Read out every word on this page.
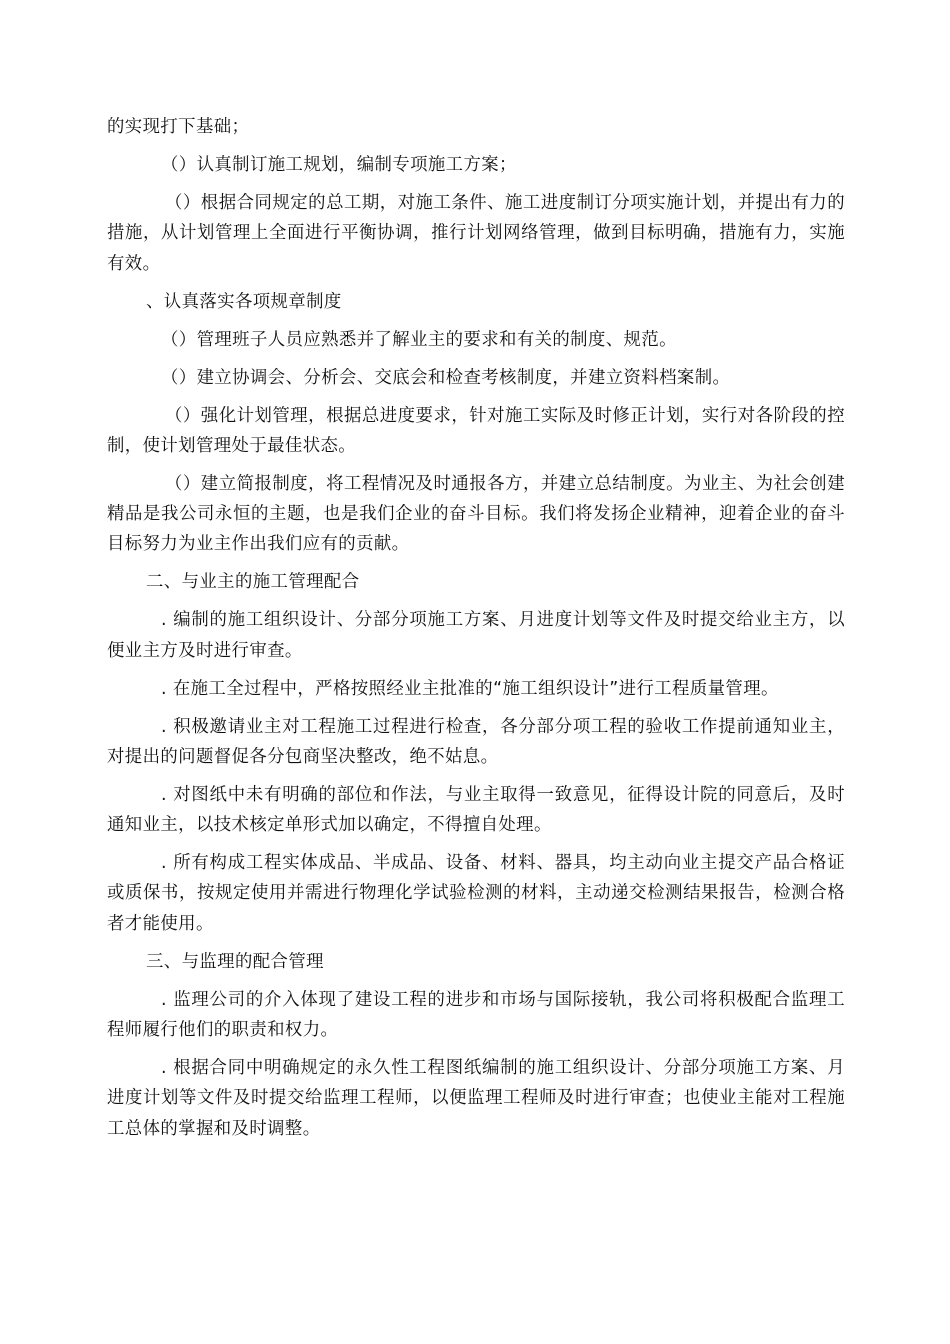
的实现打下基础；

（）认真制订施工规划，编制专项施工方案；

（）根据合同规定的总工期，对施工条件、施工进度制订分项实施计划，并提出有力的措施，从计划管理上全面进行平衡协调，推行计划网络管理，做到目标明确，措施有力，实施有效。

、认真落实各项规章制度

（）管理班子人员应熟悉并了解业主的要求和有关的制度、规范。

（）建立协调会、分析会、交底会和检查考核制度，并建立资料档案制。

（）强化计划管理，根据总进度要求，针对施工实际及时修正计划，实行对各阶段的控制，使计划管理处于最佳状态。

（）建立简报制度，将工程情况及时通报各方，并建立总结制度。为业主、为社会创建精品是我公司永恒的主题，也是我们企业的奋斗目标。我们将发扬企业精神，迎着企业的奋斗目标努力为业主作出我们应有的贡献。

二、与业主的施工管理配合

. 编制的施工组织设计、分部分项施工方案、月进度计划等文件及时提交给业主方，以便业主方及时进行审查。

. 在施工全过程中，严格按照经业主批准的“施工组织设计”进行工程质量管理。

. 积极邀请业主对工程施工过程进行检查，各分部分项工程的验收工作提前通知业主，对提出的问题督促各分包商坚决整改，绝不姑息。

. 对图纸中未有明确的部位和作法，与业主取得一致意见，征得设计院的同意后，及时通知业主，以技术核定单形式加以确定，不得擅自处理。

. 所有构成工程实体成品、半成品、设备、材料、器具，均主动向业主提交产品合格证或质保书，按规定使用并需进行物理化学试验检测的材料，主动递交检测结果报告，检测合格者才能使用。

三、与监理的配合管理

. 监理公司的介入体现了建设工程的进步和市场与国际接轨，我公司将积极配合监理工程师履行他们的职责和权力。

. 根据合同中明确规定的永久性工程图纸编制的施工组织设计、分部分项施工方案、月进度计划等文件及时提交给监理工程师，以便监理工程师及时进行审查；也使业主能对工程施工总体的掌握和及时调整。
